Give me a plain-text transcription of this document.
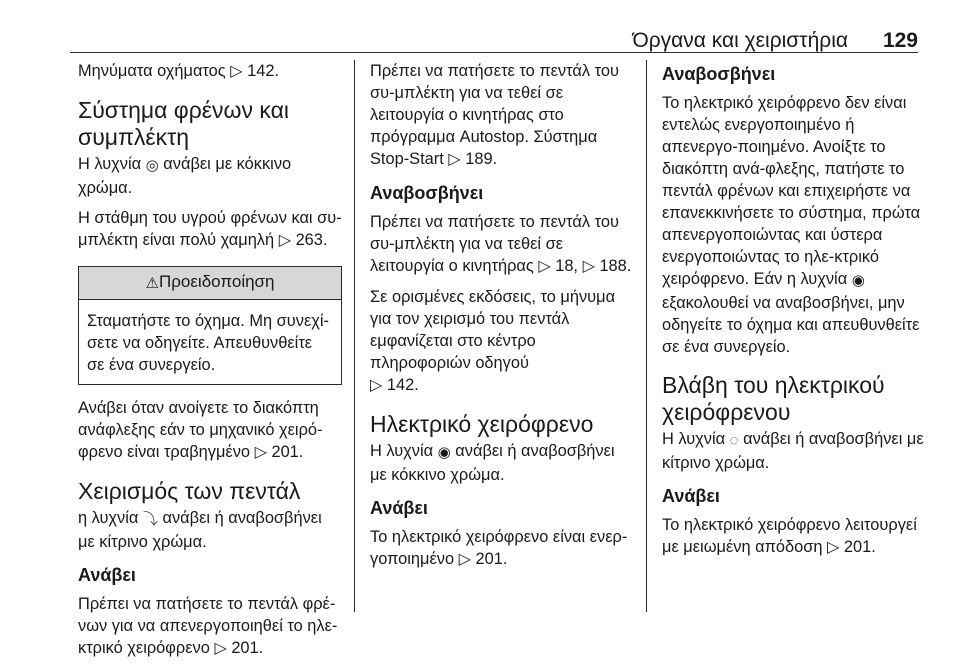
Όργανα και χειριστήρια 129

Μηνύματα οχήματος ▷ 142.

Σύστημα φρένων και συμπλέκτη

Η λυχνία ◎ ανάβει με κόκκινο χρώμα.

Η στάθμη του υγρού φρένων και συ-μπλέκτη είναι πολύ χαμηλή ▷ 263.

⚠Προειδοποίηση
Σταματήστε το όχημα. Μη συνεχί-σετε να οδηγείτε. Απευθυνθείτε σε ένα συνεργείο.

Ανάβει όταν ανοίγετε το διακόπτη ανάφλεξης εάν το μηχανικό χειρό-φρενο είναι τραβηγμένο ▷ 201.

Χειρισμός των πεντάλ

η λυχνία ⤵ ανάβει ή αναβοσβήνει με κίτρινο χρώμα.

Ανάβει

Πρέπει να πατήσετε το πεντάλ φρέ-νων για να απενεργοποιηθεί το ηλε-κτρικό χειρόφρενο ▷ 201.

Πρέπει να πατήσετε το πεντάλ του συ-μπλέκτη για να τεθεί σε λειτουργία ο κινητήρας στο πρόγραμμα Autostop. Σύστημα Stop-Start ▷ 189.

Αναβοσβήνει

Πρέπει να πατήσετε το πεντάλ του συ-μπλέκτη για να τεθεί σε λειτουργία ο κινητήρας ▷ 18, ▷ 188.

Σε ορισμένες εκδόσεις, το μήνυμα για τον χειρισμό του πεντάλ εμφανίζεται στο κέντρο πληροφοριών οδηγού
▷ 142.

Ηλεκτρικό χειρόφρενο

Η λυχνία ◉ ανάβει ή αναβοσβήνει με κόκκινο χρώμα.

Ανάβει

Το ηλεκτρικό χειρόφρενο είναι ενερ-γοποιημένο ▷ 201.

Αναβοσβήνει

Το ηλεκτρικό χειρόφρενο δεν είναι εντελώς ενεργοποιημένο ή απενεργο-ποιημένο. Ανοίξτε το διακόπτη ανά-φλεξης, πατήστε το πεντάλ φρένων και επιχειρήστε να επανεκκινήσετε το σύστημα, πρώτα απενεργοποιώντας και ύστερα ενεργοποιώντας το ηλε-κτρικό χειρόφρενο. Εάν η λυχνία ◉ εξακολουθεί να αναβοσβήνει, μην οδηγείτε το όχημα και απευθυνθείτε σε ένα συνεργείο.

Βλάβη του ηλεκτρικού χειρόφρενου

Η λυχνία ◌ ανάβει ή αναβοσβήνει με κίτρινο χρώμα.

Ανάβει

Το ηλεκτρικό χειρόφρενο λειτουργεί με μειωμένη απόδοση ▷ 201.
